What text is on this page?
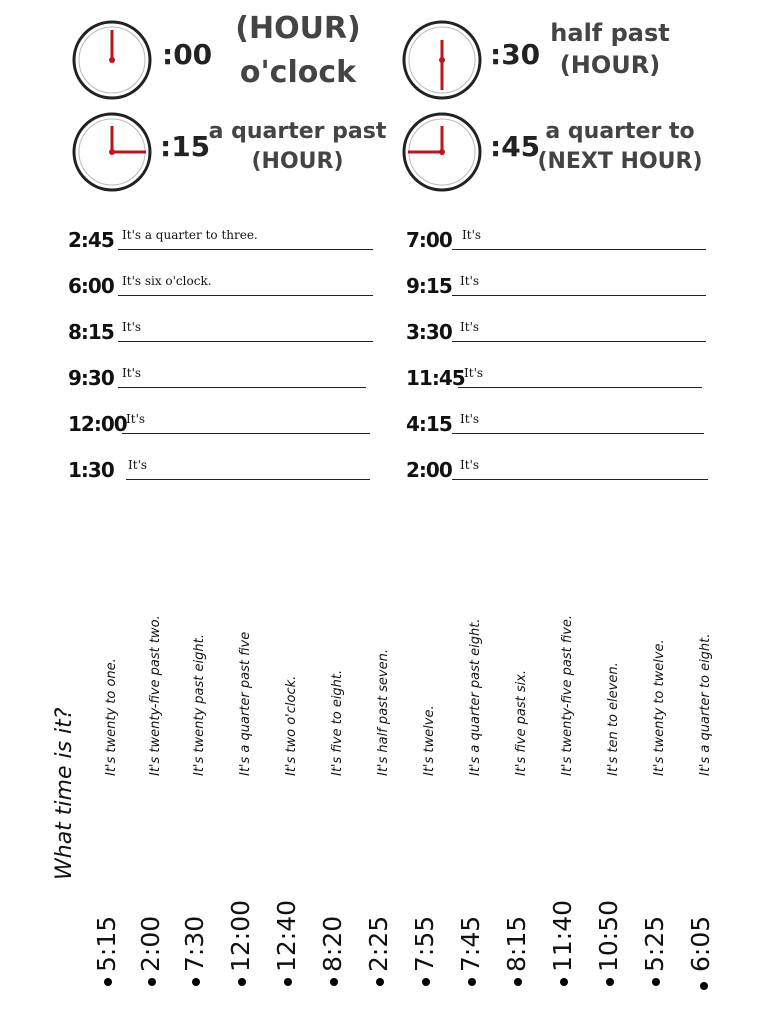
:00
(HOUR)
o'clock
:30
half past
(HOUR)
:15
a quarter past
(HOUR)	:45 a quarter to
(NEXT HOUR)
2:45 It's a quarter to three.
6:00 It's six o'clock.
8:15 It's
9:30 It's
12:00 It's
1:30 It's
7:00 It's
9:15 It's
3:30 It's
11:45 It's
4:15 It's
2:00 It's
What time is it? It's twenty to one. It's twenty-five past two. It's twenty past eight. It's a quarter past five It's two o'clock. It's five to eight. It's half past seven. It's twelve. It's a quarter past eight. It's five past six. It's twenty-five past five. It's ten to eleven. It's twenty to twelve. It's a quarter to eight.
5:15 2:00 7:30 12:00 12:40 8:20 2:25 7:55 7:45 8:15 11:40 10:50 5:25 6:05
